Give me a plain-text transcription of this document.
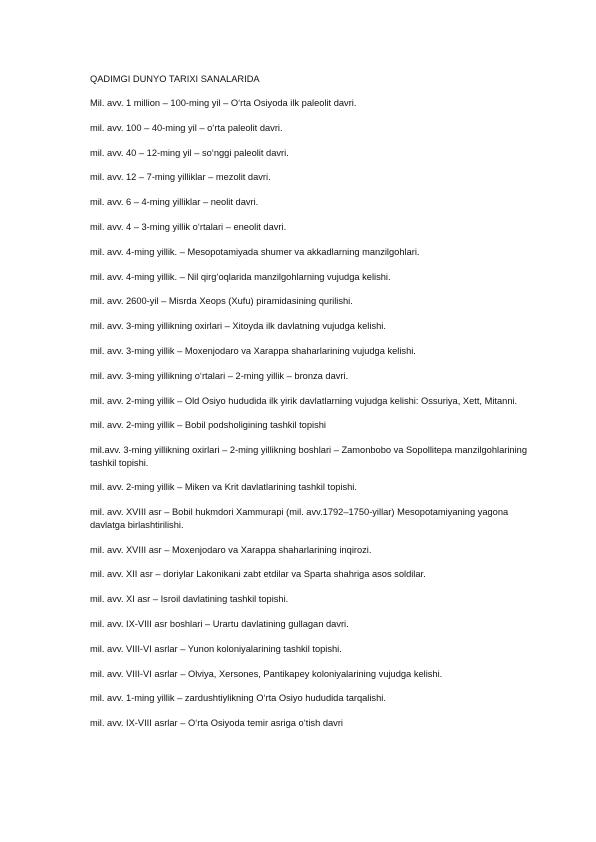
QADIMGI DUNYO TARIXI SANALARIDA

Mil. avv. 1 million – 100-ming yil – O‘rta Osiyoda ilk paleolit davri.

mil. avv. 100 – 40-ming yil – o‘rta paleolit davri.

mil. avv. 40 – 12-ming yil – so‘nggi paleolit davri.

mil. avv. 12 – 7-ming yilliklar – mezolit davri.

mil. avv. 6 – 4-ming yilliklar – neolit davri.

mil. avv. 4 – 3-ming yillik o‘rtalari – eneolit davri.

mil. avv. 4-ming yillik. – Mesopotamiyada shumer va akkadlarning manzilgohlari.

mil. avv. 4-ming yillik. – Nil qirg‘oqlarida manzilgohlarning vujudga kelishi.

mil. avv. 2600-yil – Misrda Xeops (Xufu) piramidasining qurilishi.

mil. avv. 3-ming yillikning oxirlari – Xitoyda ilk davlatning vujudga kelishi.

mil. avv. 3-ming yillik – Moxenjodaro va Xarappa shaharlarining vujudga kelishi.

mil. avv. 3-ming yillikning o‘rtalari – 2-ming yillik – bronza davri.

mil. avv. 2-ming yillik – Old Osiyo hududida ilk yirik davlatlarning vujudga kelishi: Ossuriya, Xett, Mitanni.

mil. avv. 2-ming yillik – Bobil podsholigining tashkil topishi

mil.avv. 3-ming yillikning oxirlari – 2-ming yillikning boshlari – Zamonbobo va Sopollitepa manzilgohlarining tashkil topishi.

mil. avv. 2-ming yillik – Miken va Krit davlatlarining tashkil topishi.

mil. avv. XVIII asr – Bobil hukmdori Xammurapi (mil. avv.1792–1750-yillar) Mesopotamiyaning yagona davlatga birlashtirilishi.

mil. avv. XVIII asr – Moxenjodaro va Xarappa shaharlarining inqirozi.

mil. avv. XII asr – doriylar Lakonikani zabt etdilar va Sparta shahriga asos soldilar.

mil. avv. XI asr – Isroil davlatining tashkil topishi.

mil. avv. IX-VIII asr boshlari – Urartu davlatining gullagan davri.

mil. avv. VIII-VI asrlar – Yunon koloniyalarining tashkil topishi.

mil. avv. VIII-VI asrlar – Olviya, Xersones, Pantikapey koloniyalarining vujudga kelishi.

mil. avv. 1-ming yillik – zardushtiylikning O‘rta Osiyo hududida tarqalishi.

mil. avv. IX-VIII asrlar – O‘rta Osiyoda temir asriga o‘tish davri
